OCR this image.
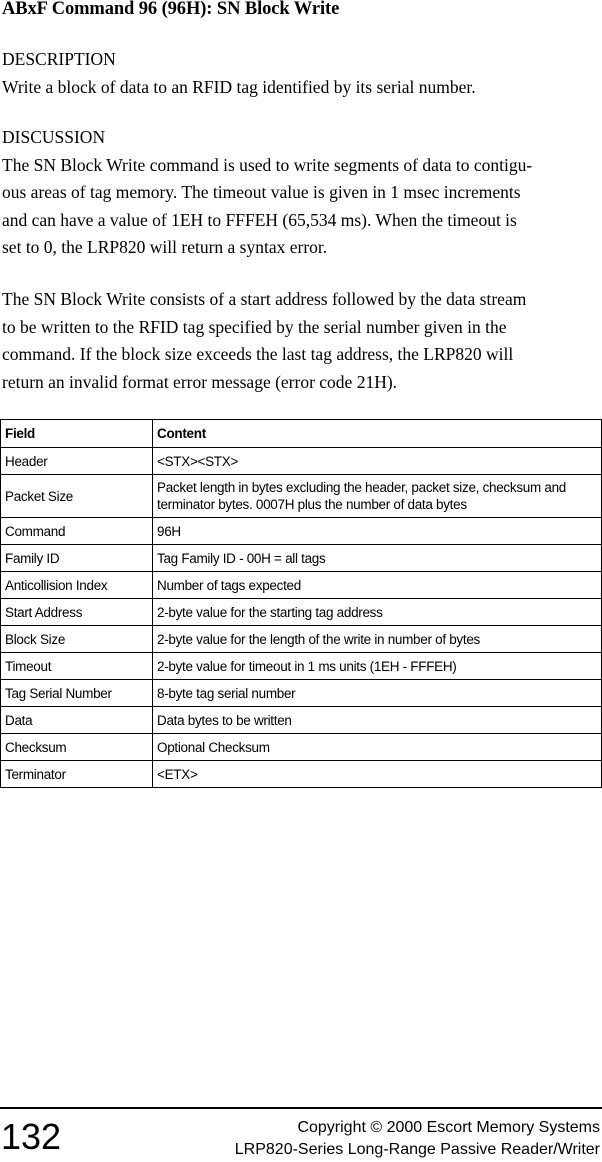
ABxF Command 96 (96H): SN Block Write

DESCRIPTION

Write a block of data to an RFID tag identified by its serial number.

DISCUSSION

The SN Block Write command is used to write segments of data to contigu-

ous areas of tag memory. The timeout value is given in 1 msec increments

and can have a value of 1EH to FFFEH (65,534 ms). When the timeout is

set to 0, the LRP820 will return a syntax error.

The SN Block Write consists of a start address followed by the data stream

to be written to the RFID tag specified by the serial number given in the

command. If the block size exceeds the last tag address, the LRP820 will

return an invalid format error message (error code 21H).

Field	Content
Header	<STX><STX>

Packet Size	Packet length in bytes excluding the header, packet size, checksum and
terminator bytes. 0007H plus the number of data bytes

Command	96H

Family ID	Tag Family ID - 00H = all tags

Anticollision Index	Number of tags expected

Start Address	2-byte value for the starting tag address

Block Size	2-byte value for the length of the write in number of bytes

Timeout	2-byte value for timeout in 1 ms units (1EH - FFFEH)

Tag Serial Number	8-byte tag serial number

Data	Data bytes to be written

Checksum	Optional Checksum

Terminator	<ETX>
132	Copyright © 2000 Escort Memory Systems
LRP820-Series Long-Range Passive Reader/Writer
